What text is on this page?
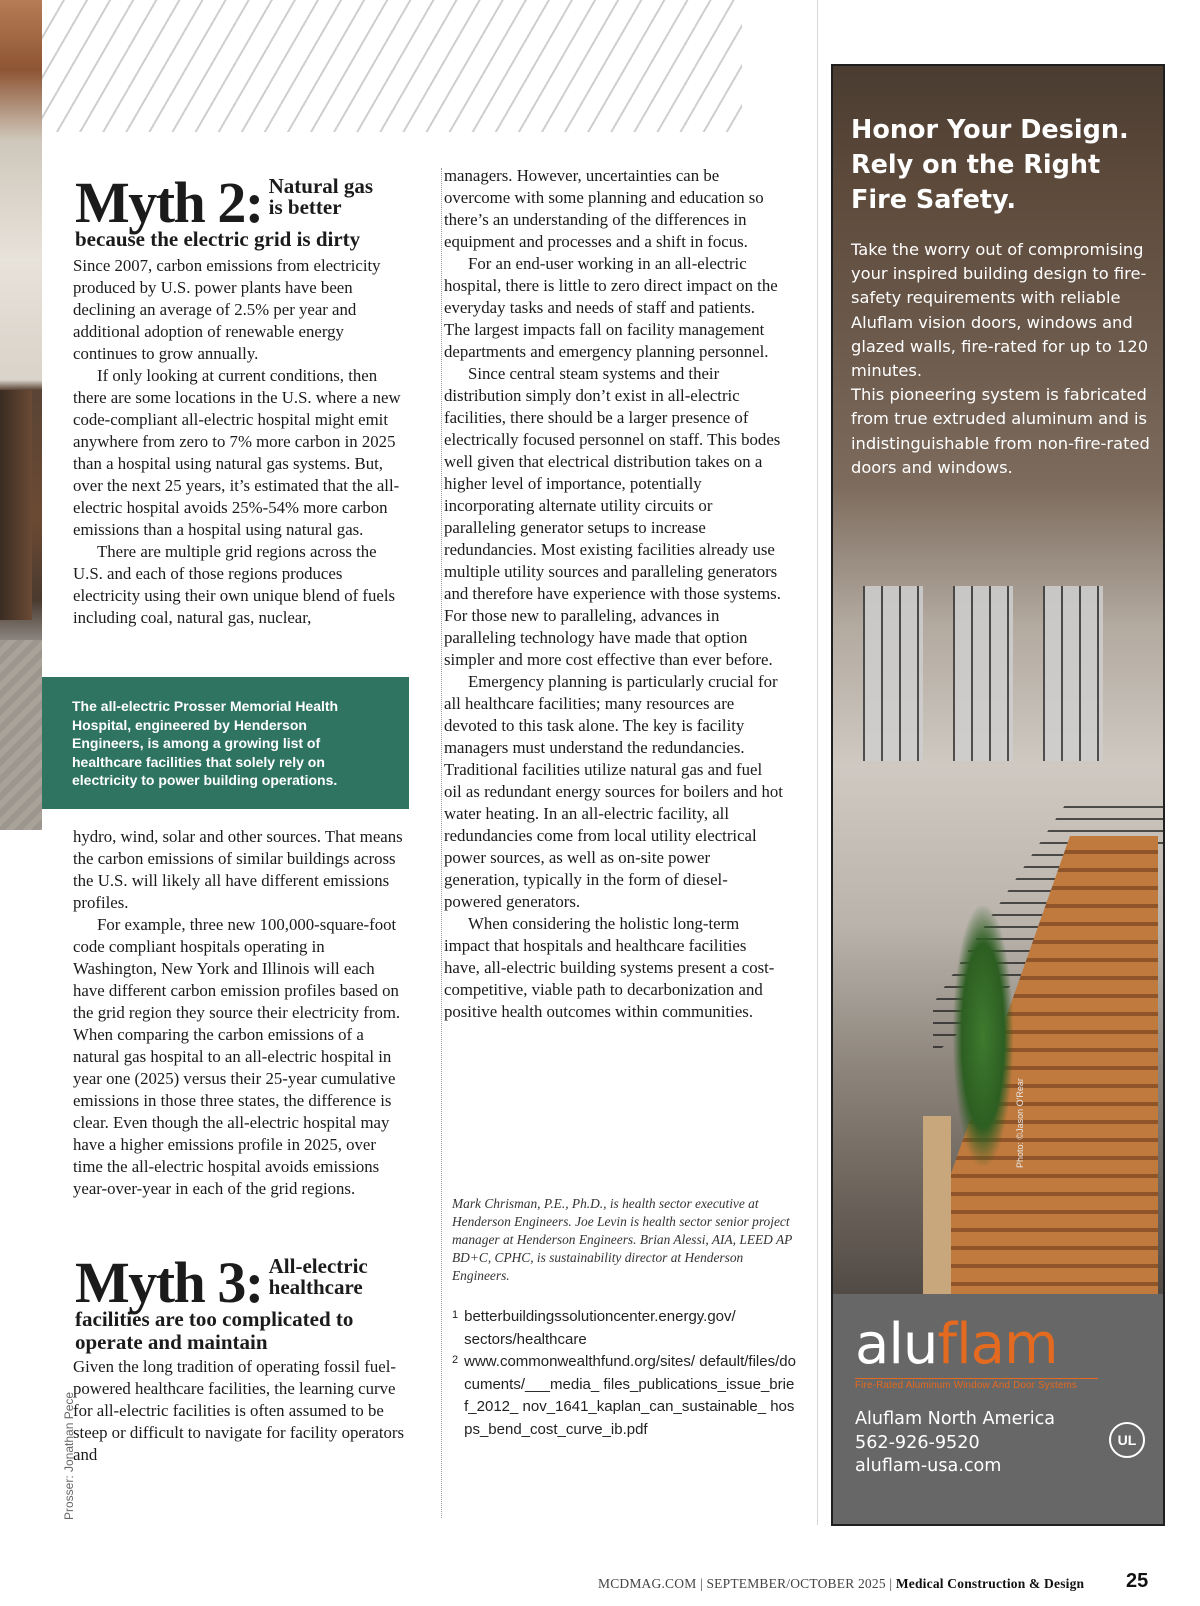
Prosser: Jonathan Pece
Myth 2: Natural gas
is better
because the electric grid is dirty

Since 2007, carbon emissions from electricity produced by U.S. power plants have been declining an average of 2.5% per year and additional adoption of renewable energy continues to grow annually.

If only looking at current conditions, then there are some locations in the U.S. where a new code-compliant all-electric hospital might emit anywhere from zero to 7% more carbon in 2025 than a hospital using natural gas systems. But, over the next 25 years, it’s estimated that the all-electric hospital avoids 25%-54% more carbon emissions than a hospital using natural gas.

There are multiple grid regions across the U.S. and each of those regions produces electricity using their own unique blend of fuels including coal, natural gas, nuclear,

The all-electric Prosser Memorial Health Hospital, engineered by Henderson Engineers, is among a growing list of healthcare facilities that solely rely on electricity to power building operations.

hydro, wind, solar and other sources. That means the carbon emissions of similar buildings across the U.S. will likely all have different emissions profiles.

For example, three new 100,000-square-foot code compliant hospitals operating in Washington, New York and Illinois will each have different carbon emission profiles based on the grid region they source their electricity from. When comparing the carbon emissions of a natural gas hospital to an all-electric hospital in year one (2025) versus their 25-year cumulative emissions in those three states, the difference is clear. Even though the all-electric hospital may have a higher emissions profile in 2025, over time the all-electric hospital avoids emissions year-over-year in each of the grid regions.

Myth 3: All-electric
healthcare
facilities are too complicated to operate and maintain

Given the long tradition of operating fossil fuel-powered healthcare facilities, the learning curve for all-electric facilities is often assumed to be steep or difficult to navigate for facility operators and

managers. However, uncertainties can be overcome with some planning and education so there’s an understanding of the differences in equipment and processes and a shift in focus.

For an end-user working in an all-electric hospital, there is little to zero direct impact on the everyday tasks and needs of staff and patients. The largest impacts fall on facility management departments and emergency planning personnel.

Since central steam systems and their distribution simply don’t exist in all-electric facilities, there should be a larger presence of electrically focused personnel on staff. This bodes well given that electrical distribution takes on a higher level of importance, potentially incorporating alternate utility circuits or paralleling generator setups to increase redundancies. Most existing facilities already use multiple utility sources and paralleling generators and therefore have experience with those systems. For those new to paralleling, advances in paralleling technology have made that option simpler and more cost effective than ever before.

Emergency planning is particularly crucial for all healthcare facilities; many resources are devoted to this task alone. The key is facility managers must understand the redundancies. Traditional facilities utilize natural gas and fuel oil as redundant energy sources for boilers and hot water heating. In an all-electric facility, all redundancies come from local utility electrical power sources, as well as on-site power generation, typically in the form of diesel-powered generators.

When considering the holistic long-term impact that hospitals and healthcare facilities have, all-electric building systems present a cost-competitive, viable path to decarbonization and positive health outcomes within communities.

Mark Chrisman, P.E., Ph.D., is health sector executive at Henderson Engineers. Joe Levin is health sector senior project manager at Henderson Engineers. Brian Alessi, AIA, LEED AP BD+C, CPHC, is sustainability director at Henderson Engineers.
$^1$ betterbuildingssolutioncenter.energy.gov/ sectors/healthcare
$^2$ www.commonwealthfund.org/sites/ default/files/documents/___media_ files_publications_issue_brief_2012_ nov_1641_kaplan_can_sustainable_ hosps_bend_cost_curve_ib.pdf
Honor Your Design. Rely on the Right Fire Safety.
Take the worry out of compromising your inspired building design to fire-safety requirements with reliable Aluflam vision doors, windows and glazed walls, fire-rated for up to 120 minutes.
This pioneering system is fabricated from true extruded aluminum and is indistinguishable from non-fire-rated doors and windows.
aluflam
Fire-Rated Aluminum Window And Door Systems
Aluflam North America
562-926-9520
aluflam-usa.com
UL
Photo: ©Jason O'Rear
MCDMAG.COM | SEPTEMBER/OCTOBER 2025 | Medical Construction & Design	25
